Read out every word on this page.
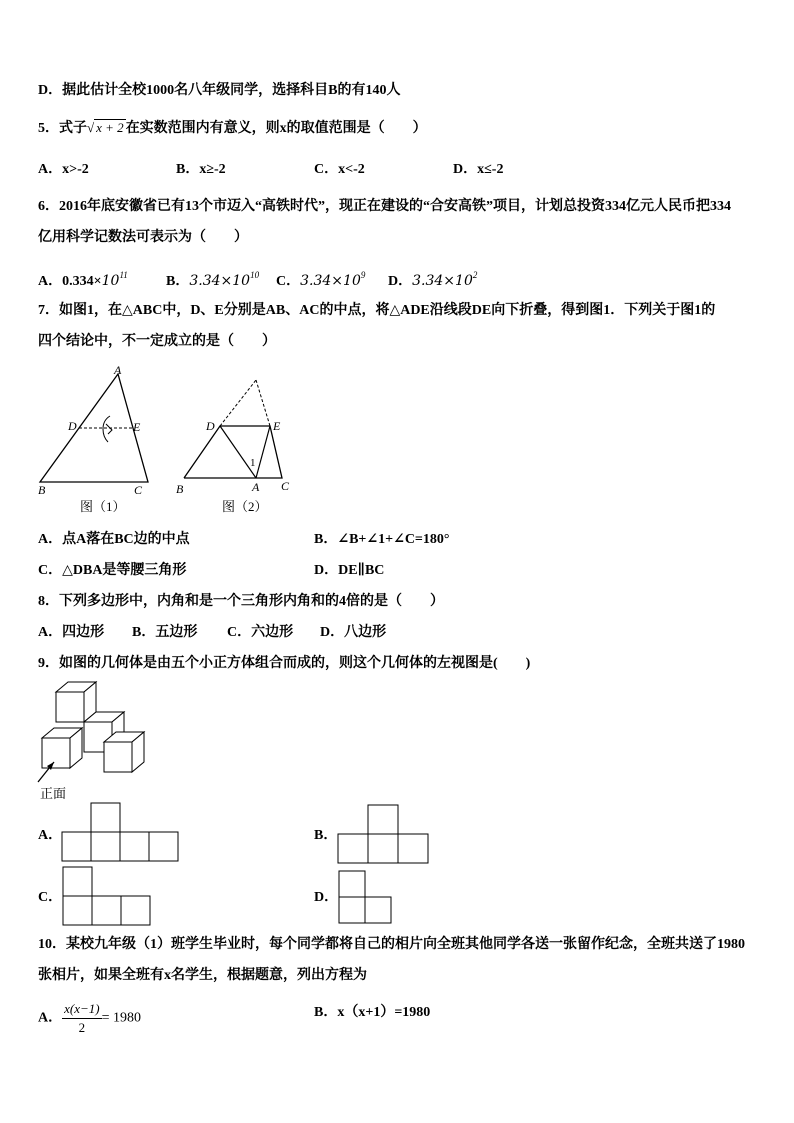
D．据此估计全校1000名八年级同学，选择科目B的有140人
5．式子√ x + 2 在实数范围内有意义，则x的取值范围是（　　）
A．x>-2	B．x≥-2	C．x<-2	D．x≤-2
6．2016年底安徽省已有13个市迈入“高铁时代”，现正在建设的“合安高铁”项目，计划总投资334亿元人民币把334
亿用科学记数法可表示为（　　）
A．$0.334\times 10^{11}$	B．$3.34\times 10^{10}$ C．$3.34\times 10^9$ D．$3.34\times 10^2$
7．如图1，在△ABC中，D、E分别是AB、AC的中点，将△ADE沿线段DE向下折叠，得到图1．下列关于图1的
四个结论中，不一定成立的是（　　）
A
D	E
B	C
图（1）
D	E
1
A
B	C
图（2）
A．点A落在BC边的中点	B．∠B+∠1+∠C=180°
C．△DBA是等腰三角形	D．DE∥BC
8．下列多边形中，内角和是一个三角形内角和的4倍的是（　　）
A．四边形 B．五边形 C．六边形 D．八边形
9．如图的几何体是由五个小正方体组合而成的，则这个几何体的左视图是(　　)
正面
A．	B．
C．	D．
10．某校九年级（1）班学生毕业时，每个同学都将自己的相片向全班其他同学各送一张留作纪念，全班共送了1980
张相片，如果全班有x名学生，根据题意，列出方程为
A． $\frac{x(x-1)}{2} = 1980$	B．x（x+1）=1980
